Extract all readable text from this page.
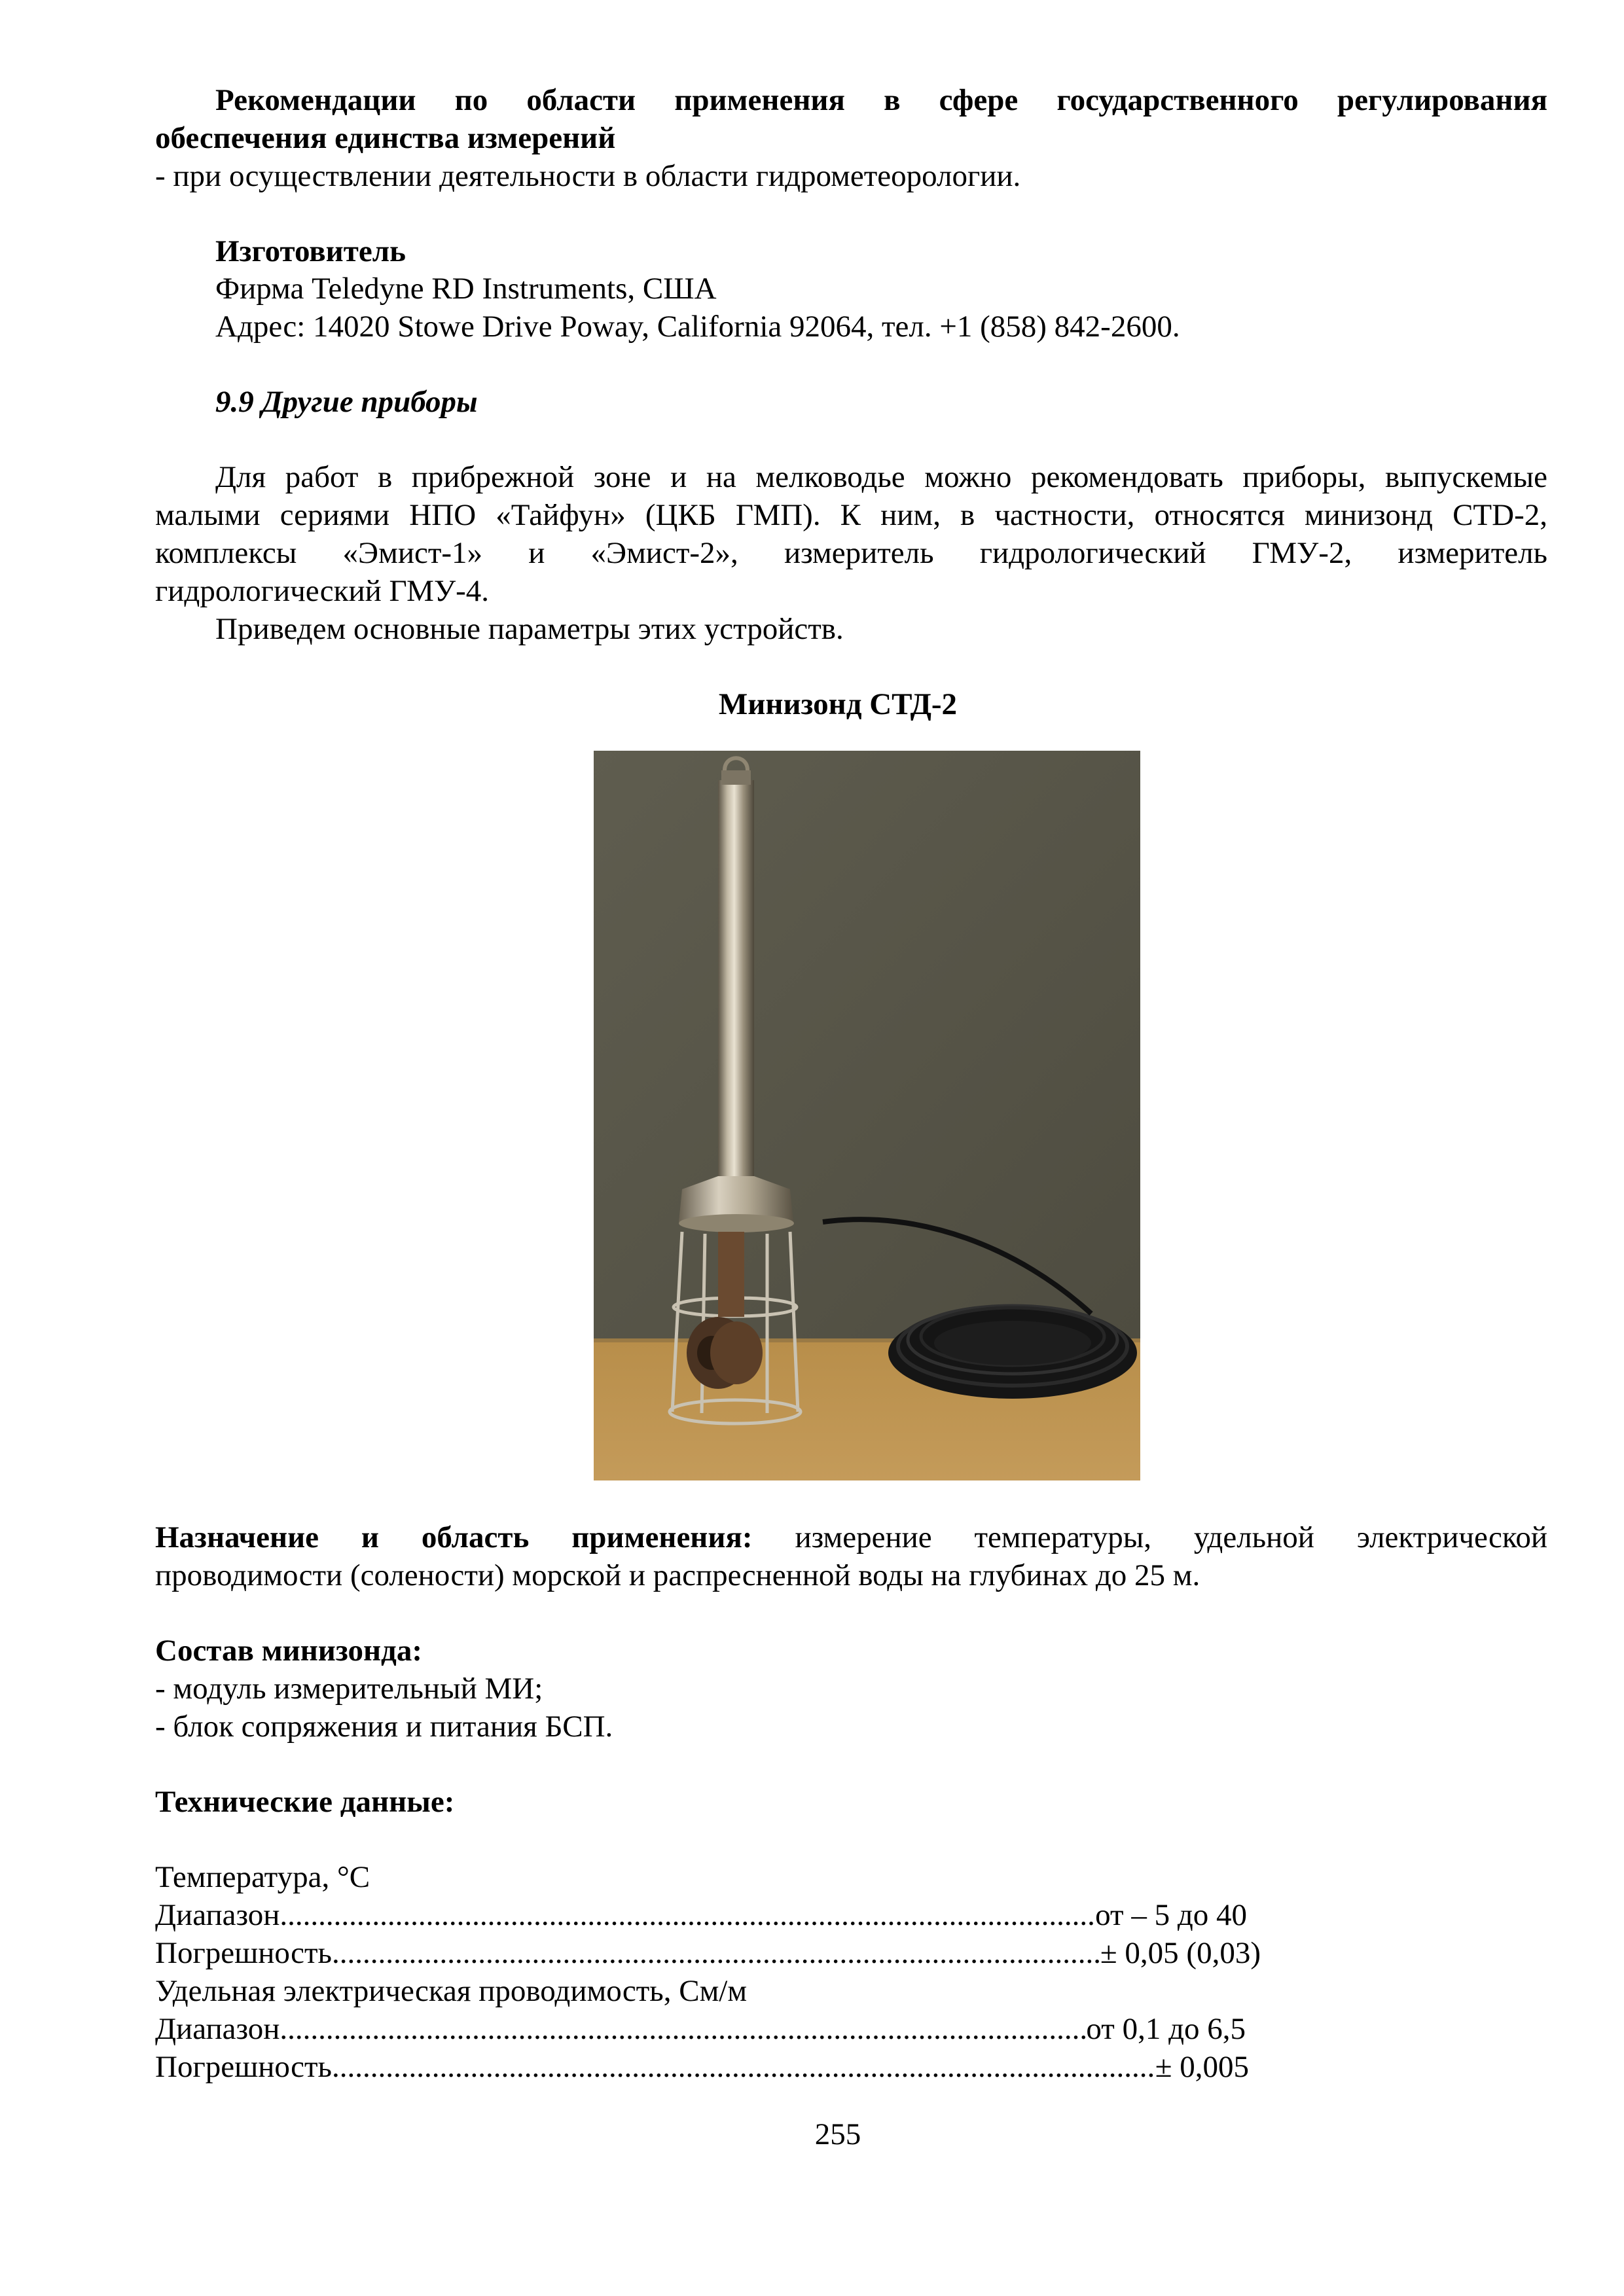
Рекомендации по области применения в сфере государственного регулирования
обеспечения единства измерений
- при осуществлении деятельности в области гидрометеорологии.
Изготовитель
Фирма Teledyne RD Instruments, США
Адрес: 14020 Stowe Drive Poway, California 92064, тел. +1 (858) 842-2600.
9.9 Другие приборы
Для работ в прибрежной зоне и на мелководье можно рекомендовать приборы, выпускемые
малыми сериями НПО «Тайфун» (ЦКБ ГМП). К ним, в частности, относятся минизонд CTD-2,
комплексы «Эмист-1» и «Эмист-2», измеритель гидрологический ГМУ-2, измеритель
гидрологический ГМУ-4.
Приведем основные параметры этих устройств.
Минизонд СТД-2
Назначение и область применения: измерение температуры, удельной электрической
проводимости (солености) морской и распресненной воды на глубинах до 25 м.
Состав минизонда:
- модуль измерительный МИ;
- блок сопряжения и питания БСП.
Технические данные:
Температура, °С
Диапазон .....	от – 5 до 40
Погрешность .....	± 0,05 (0,03)
Удельная электрическая проводимость, См/м
Диапазон .....	от 0,1 до 6,5
Погрешность .....	± 0,005
255
